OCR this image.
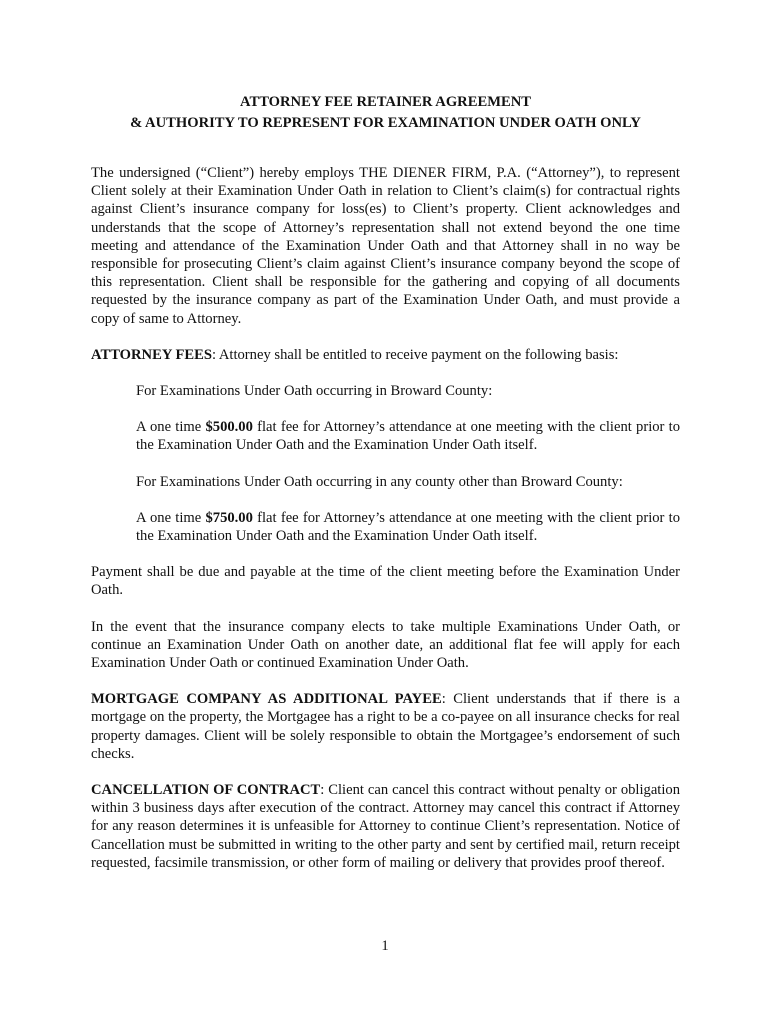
ATTORNEY FEE RETAINER AGREEMENT
& AUTHORITY TO REPRESENT FOR EXAMINATION UNDER OATH ONLY

The undersigned (“Client”) hereby employs THE DIENER FIRM, P.A. (“Attorney”), to represent Client solely at their Examination Under Oath in relation to Client’s claim(s) for contractual rights against Client’s insurance company for loss(es) to Client’s property. Client acknowledges and understands that the scope of Attorney’s representation shall not extend beyond the one time meeting and attendance of the Examination Under Oath and that Attorney shall in no way be responsible for prosecuting Client’s claim against Client’s insurance company beyond the scope of this representation. Client shall be responsible for the gathering and copying of all documents requested by the insurance company as part of the Examination Under Oath, and must provide a copy of same to Attorney.

ATTORNEY FEES: Attorney shall be entitled to receive payment on the following basis:

For Examinations Under Oath occurring in Broward County:

A one time $500.00 flat fee for Attorney’s attendance at one meeting with the client prior to the Examination Under Oath and the Examination Under Oath itself.

For Examinations Under Oath occurring in any county other than Broward County:

A one time $750.00 flat fee for Attorney’s attendance at one meeting with the client prior to the Examination Under Oath and the Examination Under Oath itself.

Payment shall be due and payable at the time of the client meeting before the Examination Under Oath.

In the event that the insurance company elects to take multiple Examinations Under Oath, or continue an Examination Under Oath on another date, an additional flat fee will apply for each Examination Under Oath or continued Examination Under Oath.

MORTGAGE COMPANY AS ADDITIONAL PAYEE: Client understands that if there is a mortgage on the property, the Mortgagee has a right to be a co-payee on all insurance checks for real property damages. Client will be solely responsible to obtain the Mortgagee’s endorsement of such checks.

CANCELLATION OF CONTRACT: Client can cancel this contract without penalty or obligation within 3 business days after execution of the contract. Attorney may cancel this contract if Attorney for any reason determines it is unfeasible for Attorney to continue Client’s representation. Notice of Cancellation must be submitted in writing to the other party and sent by certified mail, return receipt requested, facsimile transmission, or other form of mailing or delivery that provides proof thereof.

1
